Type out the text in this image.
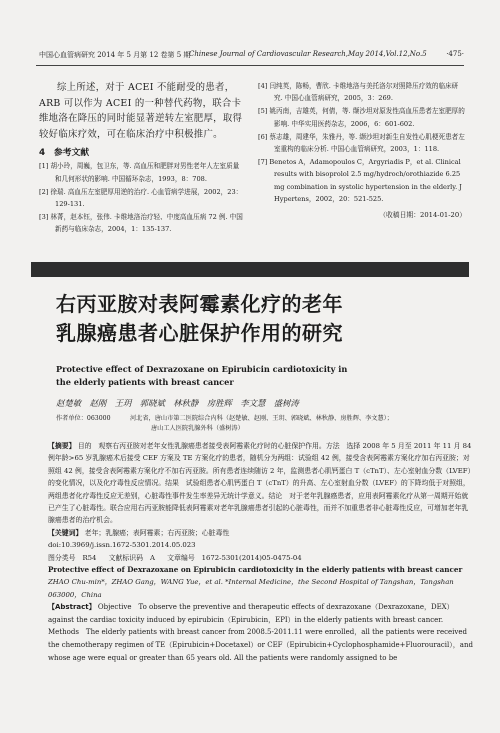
中国心血管病研究 2014 年 5 月第 12 卷第 5 期
Chinese Journal of Cardiovascular Research,May 2014,Vol.12,No.5	·475·

综上所述，对于 ACEI 不能耐受的患者，ARB 可以作为 ACEI 的一种替代药物，联合卡维地洛在降压的同时能显著逆转左室肥厚，取得较好临床疗效，可在临床治疗中积极推广。

4　参考文献
[1] 胡小玲，周巍，包卫东，等. 高血压和肥胖对男性老年人左室质量和几何形状的影响. 中国循环杂志，1993，8：708.
[2] 徐瑞. 高血压左室肥厚用逆的治疗. 心血管病学进展，2002，23：129-131.
[3] 林菁，赵本钰，张伟. 卡维地洛治疗轻、中度高血压病 72 例. 中国新药与临床杂志，2004，1：135-137.
[4] 闫纯英，陈畅，曹欣. 卡维地洛与美托洛尔对照降压疗效的临床研究. 中国心血管病研究，2005，3：269.
[5] 姚丙南，吉雄英，何倩，等. 缬沙坦对原发性高血压患者左室肥厚的影响. 中华实用医药杂志，2006，6：601-602.
[6] 蔡志雄，周建华，朱雅丹，等. 缬沙坦对新生自发性心肌梗死患者左室重构的临床分析. 中国心血管病研究，2003，1：118.
[7] Benetos A，Adamopoulos C，Argyriadis P，et al. Clinical results with bisoprolol 2.5 mg/hydroch/orothiazide 6.25 mg combination in systolic hypertension in the elderly. J Hypertens，2002，20：521-525.
（收稿日期：2014-01-20）
右丙亚胺对表阿霉素化疗的老年
乳腺癌患者心脏保护作用的研究
Protective effect of Dexrazoxane on Epirubicin cardiotoxicity in
the elderly patients with breast cancer
赵楚敏　赵刚　王玥　郭晓斌　林秋静　房胜辉　李文慧　盛树涛
作者单位：063000	河北省，唐山市第二医院综合内科（赵楚敏、赵刚、王玥、郭晓斌、林秋静、房胜辉、李文慧）；
唐山工人医院乳腺外科（盛树涛）

【摘要】 目的　观察右丙亚胺对老年女性乳腺癌患者接受表阿霉素化疗时的心脏保护作用。方法　选择 2008 年 5 月至 2011 年 11 月 84 例年龄>65 岁乳腺癌术后接受 CEF 方案及 TE 方案化疗的患者，随机分为两组：试验组 42 例，接受含表阿霉素方案化疗加右丙亚胺；对照组 42 例，接受含表阿霉素方案化疗不加右丙亚胺。所有患者连续随访 2 年，监测患者心肌钙蛋白 T（cTnT）、左心室射血分数（LVEF）的变化情况，以及化疗毒性反应情况。结果　试验组患者心肌钙蛋白 T（cTnT）的升高、左心室射血分数（LVEF）的下降均低于对照组，两组患者化疗毒性反应无差别，心脏毒性事件发生率差异无统计学意义。结论　对于老年乳腺癌患者，应用表阿霉素化疗从第一周期开始就已产生了心脏毒性。联合应用右丙亚胺能降低表阿霉素对老年乳腺癌患者引起的心脏毒性，而并不加重患者非心脏毒性反应，可增加老年乳腺癌患者的治疗机会。

【关键词】 老年；乳腺癌；表阿霉素；右丙亚胺；心脏毒性

doi:10.3969/j.issn.1672-5301.2014.05.023

图分类号　R54 文献标识码　A 文章编号　1672-5301(2014)05-0475-04

Protective effect of Dexrazoxane on Epirubicin cardiotoxicity in the elderly patients with breast cancer

ZHAO Chu-min*，ZHAO Gang，WANG Yue，et al. *Internal Medicine，the Second Hospital of Tangshan，Tangshan 063000，China

【Abstract】 Objective　To observe the preventive and therapeutic effects of dexrazoxane（Dexrazoxane，DEX）against the cardiac toxicity induced by epirubicin（Epirubicin，EPI）in the elderly patients with breast cancer. Methods　The elderly patients with breast cancer from 2008.5-2011.11 were enrolled，all the patients were received the chemotherapy regimen of TE（Epirubicin+Docetaxel）or CEF（Epirubicin+Cyclophosphamide+Fluorouracil），and whose age were equal or greater than 65 years old. All the patients were randomly assigned to be
